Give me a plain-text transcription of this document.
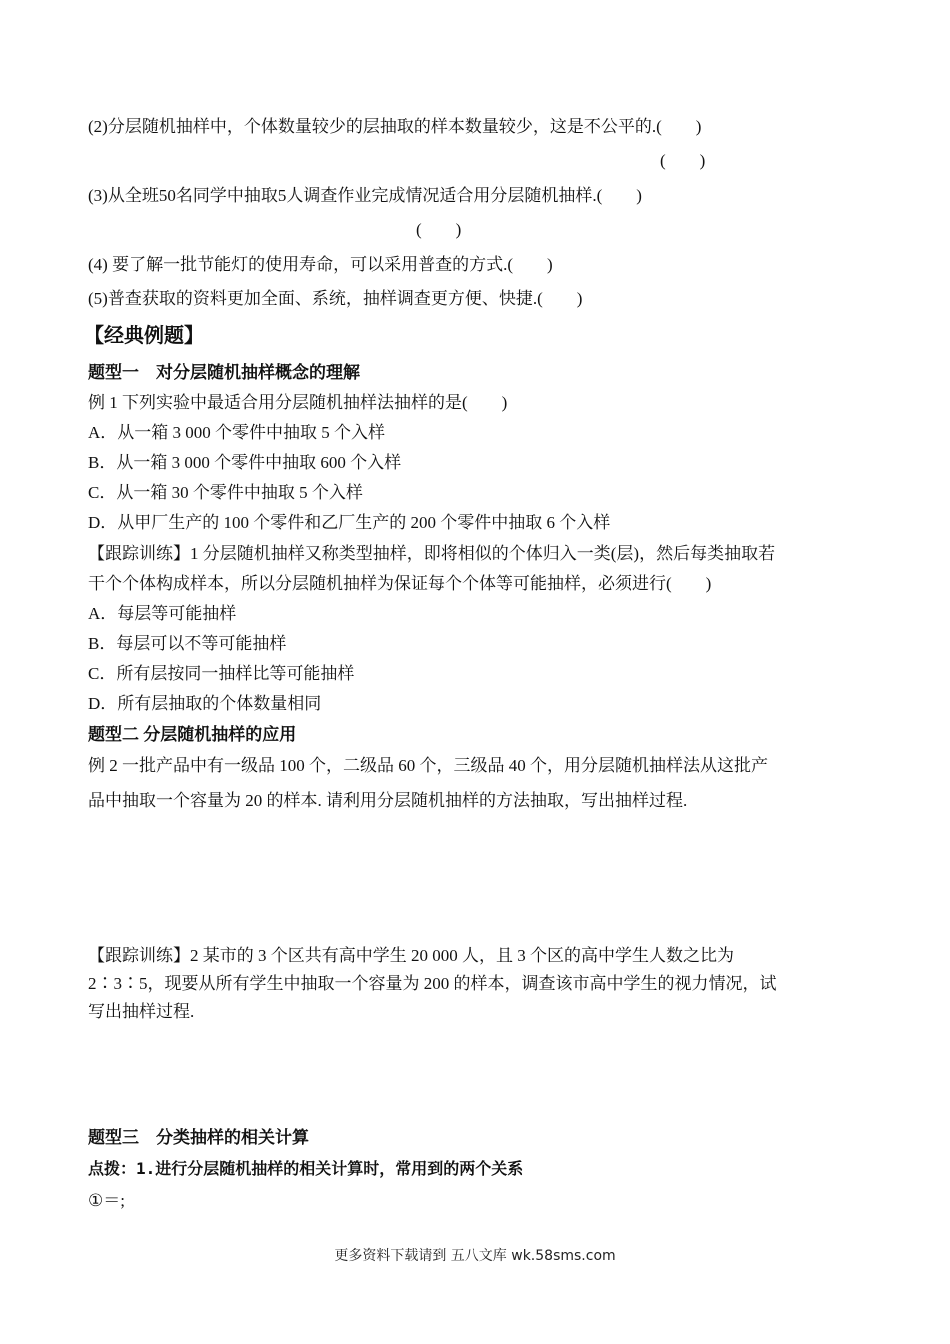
(2)分层随机抽样中，个体数量较少的层抽取的样本数量较少，这是不公平的.(　　)
(　　)
(3)从全班50名同学中抽取5人调查作业完成情况适合用分层随机抽样.(　　)
(　　)
(4) 要了解一批节能灯的使用寿命，可以采用普查的方式.(　　)
(5)普查获取的资料更加全面、系统，抽样调查更方便、快捷.(　　)
【经典例题】
题型一　对分层随机抽样概念的理解
例 1 下列实验中最适合用分层随机抽样法抽样的是(　　)
A．从一箱 3 000 个零件中抽取 5 个入样
B．从一箱 3 000 个零件中抽取 600 个入样
C．从一箱 30 个零件中抽取 5 个入样
D．从甲厂生产的 100 个零件和乙厂生产的 200 个零件中抽取 6 个入样
【跟踪训练】1 分层随机抽样又称类型抽样，即将相似的个体归入一类(层)，然后每类抽取若
干个个体构成样本，所以分层随机抽样为保证每个个体等可能抽样，必须进行(　　)
A．每层等可能抽样
B．每层可以不等可能抽样
C．所有层按同一抽样比等可能抽样
D．所有层抽取的个体数量相同
题型二 分层随机抽样的应用
例 2 一批产品中有一级品 100 个，二级品 60 个，三级品 40 个，用分层随机抽样法从这批产
品中抽取一个容量为 20 的样本. 请利用分层随机抽样的方法抽取，写出抽样过程.
【跟踪训练】2 某市的 3 个区共有高中学生 20 000 人，且 3 个区的高中学生人数之比为
2∶3∶5，现要从所有学生中抽取一个容量为 200 的样本，调查该市高中学生的视力情况，试
写出抽样过程.
题型三　分类抽样的相关计算
点拨：1.进行分层随机抽样的相关计算时，常用到的两个关系
①＝;
更多资料下载请到 五八文库 wk.58sms.com
